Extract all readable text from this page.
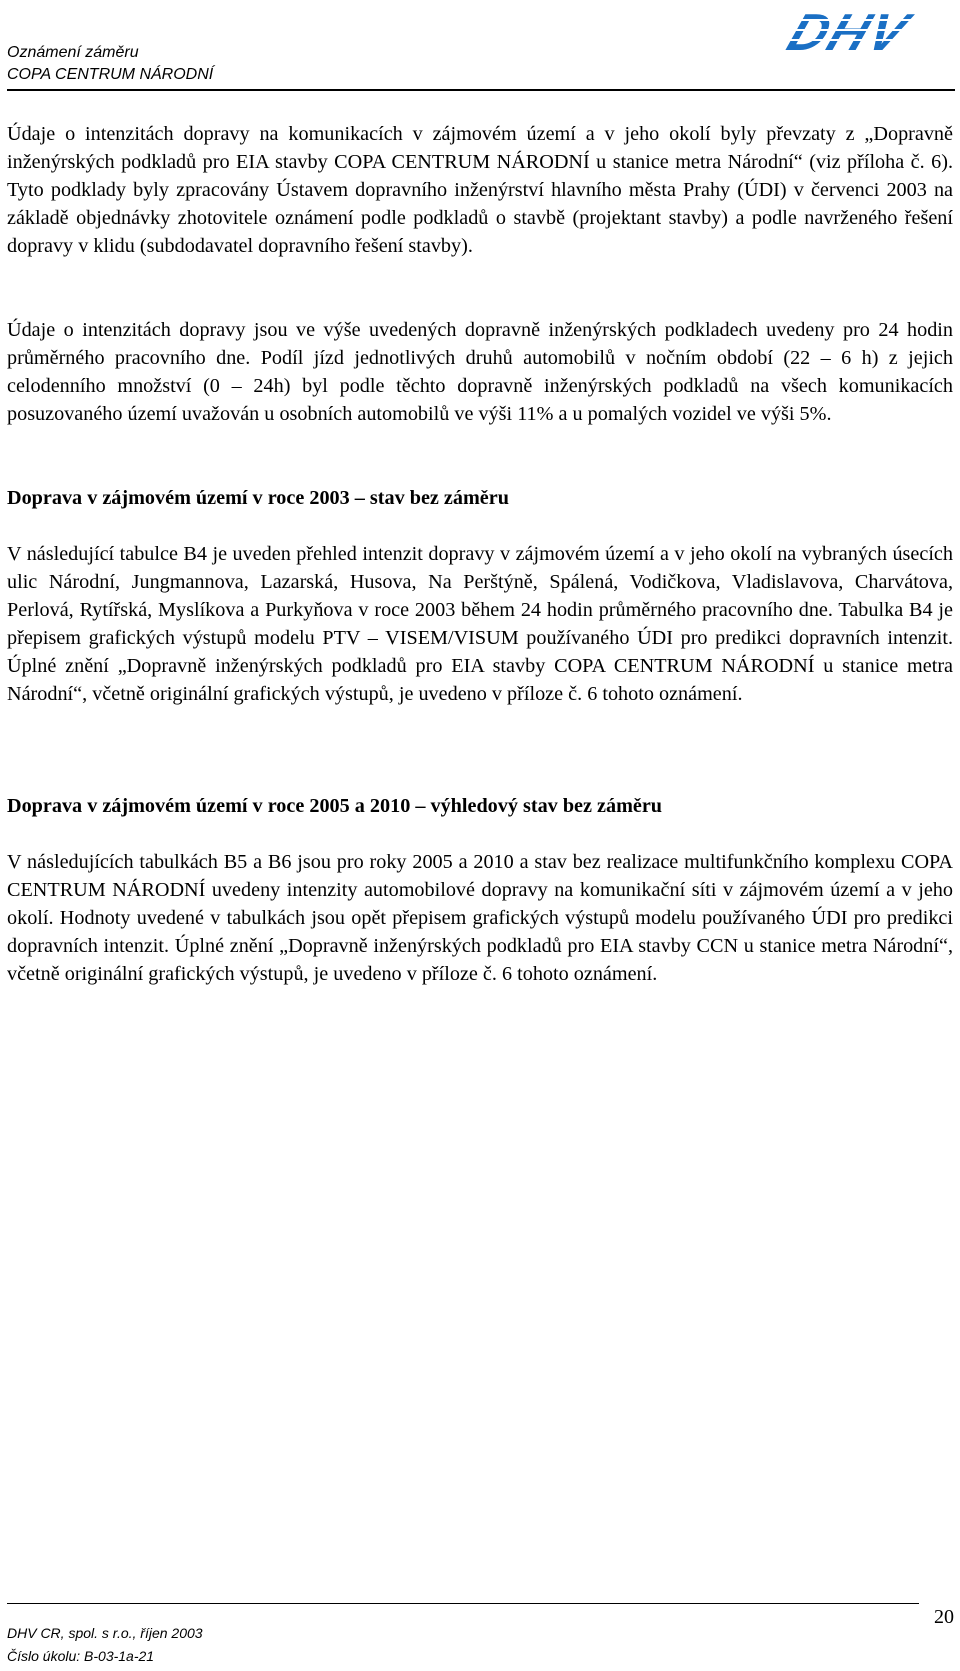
Oznámení záměru
COPA CENTRUM NÁRODNÍ
DHV

Údaje o intenzitách dopravy na komunikacích v zájmovém území a v jeho okolí byly převzaty z „Dopravně inženýrských podkladů pro EIA stavby COPA CENTRUM NÁRODNÍ u stanice metra Národní“ (viz příloha č. 6). Tyto podklady byly zpracovány Ústavem dopravního inženýrství hlavního města Prahy (ÚDI) v červenci 2003 na základě objednávky zhotovitele oznámení podle podkladů o stavbě (projektant stavby) a podle navrženého řešení dopravy v klidu (subdodavatel dopravního řešení stavby).

Údaje o intenzitách dopravy jsou ve výše uvedených dopravně inženýrských podkladech uvedeny pro 24 hodin průměrného pracovního dne. Podíl jízd jednotlivých druhů automobilů v nočním období (22 – 6 h) z jejich celodenního množství (0 – 24h) byl podle těchto dopravně inženýrských podkladů na všech komunikacích posuzovaného území uvažován u osobních automobilů ve výši 11% a u pomalých vozidel ve výši 5%.

Doprava v zájmovém území v roce 2003 – stav bez záměru

V následující tabulce B4 je uveden přehled intenzit dopravy v zájmovém území a v jeho okolí na vybraných úsecích ulic Národní, Jungmannova, Lazarská, Husova, Na Perštýně, Spálená, Vodičkova, Vladislavova, Charvátova, Perlová, Rytířská, Myslíkova a Purkyňova v roce 2003 během 24 hodin průměrného pracovního dne. Tabulka B4 je přepisem grafických výstupů modelu PTV – VISEM/VISUM používaného ÚDI pro predikci dopravních intenzit. Úplné znění „Dopravně inženýrských podkladů pro EIA stavby COPA CENTRUM NÁRODNÍ u stanice metra Národní“, včetně originální grafických výstupů, je uvedeno v příloze č. 6 tohoto oznámení.

Doprava v zájmovém území v roce 2005 a 2010 – výhledový stav bez záměru

V následujících tabulkách B5 a B6 jsou pro roky 2005 a 2010 a stav bez realizace multifunkčního komplexu COPA CENTRUM NÁRODNÍ uvedeny intenzity automobilové dopravy na komunikační síti v zájmovém území a v jeho okolí. Hodnoty uvedené v tabulkách jsou opět přepisem grafických výstupů modelu používaného ÚDI pro predikci dopravních intenzit. Úplné znění „Dopravně inženýrských podkladů pro EIA stavby CCN u stanice metra Národní“, včetně originální grafických výstupů, je uvedeno v příloze č. 6 tohoto oznámení.

DHV CR, spol. s r.o., říjen 2003
Číslo úkolu: B-03-1a-21
20
